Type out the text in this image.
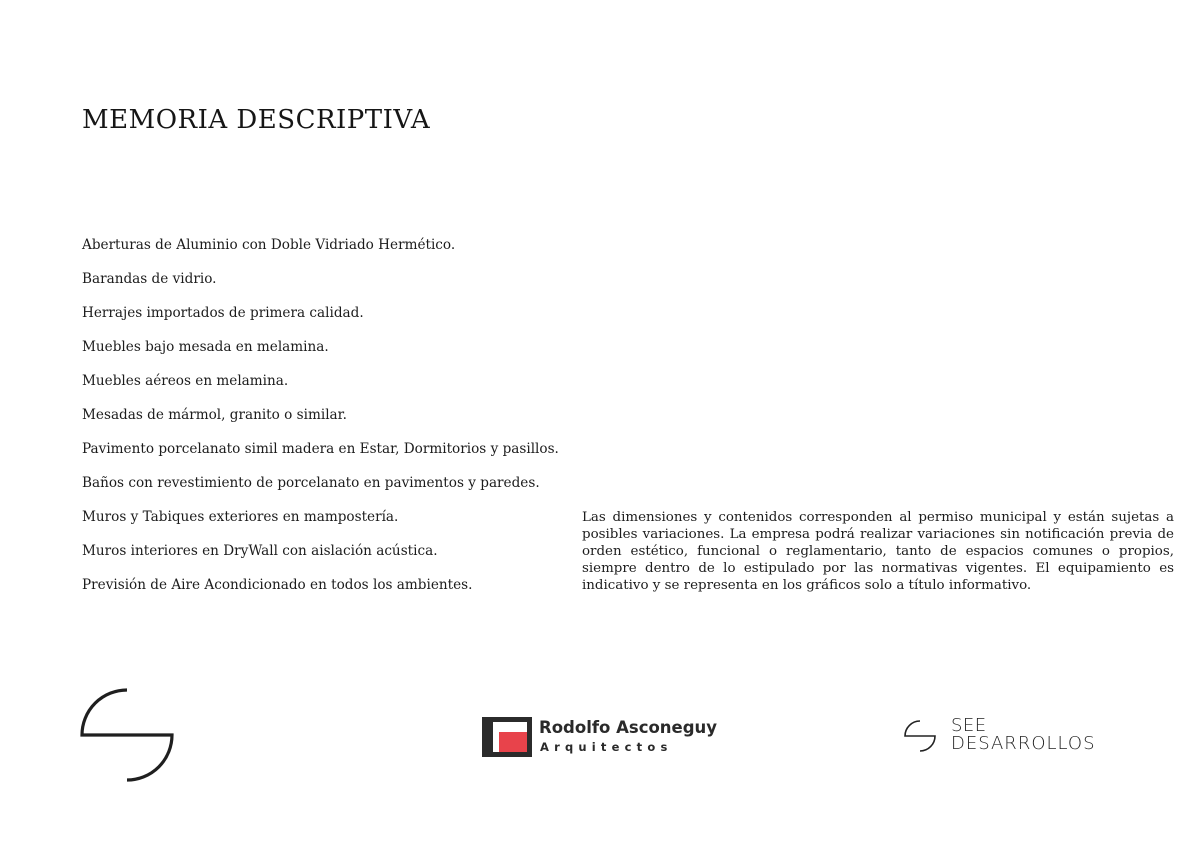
MEMORIA DESCRIPTIVA
Aberturas de Aluminio con Doble Vidriado Hermético.
Barandas de vidrio.
Herrajes importados de primera calidad.
Muebles bajo mesada en melamina.
Muebles aéreos en melamina.
Mesadas de mármol, granito o similar.
Pavimento porcelanato simil madera en Estar, Dormitorios y pasillos.
Baños con revestimiento de porcelanato en pavimentos y paredes.
Muros y Tabiques exteriores en mampostería.
Muros interiores en DryWall con aislación acústica.
Previsión de Aire Acondicionado en todos los ambientes.

Las dimensiones y contenidos corresponden al permiso municipal y están sujetas a posibles variaciones. La empresa podrá realizar variaciones sin notificación previa de orden estético, funcional o reglamentario, tanto de espacios comunes o propios, siempre dentro de lo estipulado por las normativas vigentes. El equipamiento es indicativo y se representa en los gráficos solo a título informativo.

Rodolfo Asconeguy
Arquitectos
SEE
DESARROLLOS
